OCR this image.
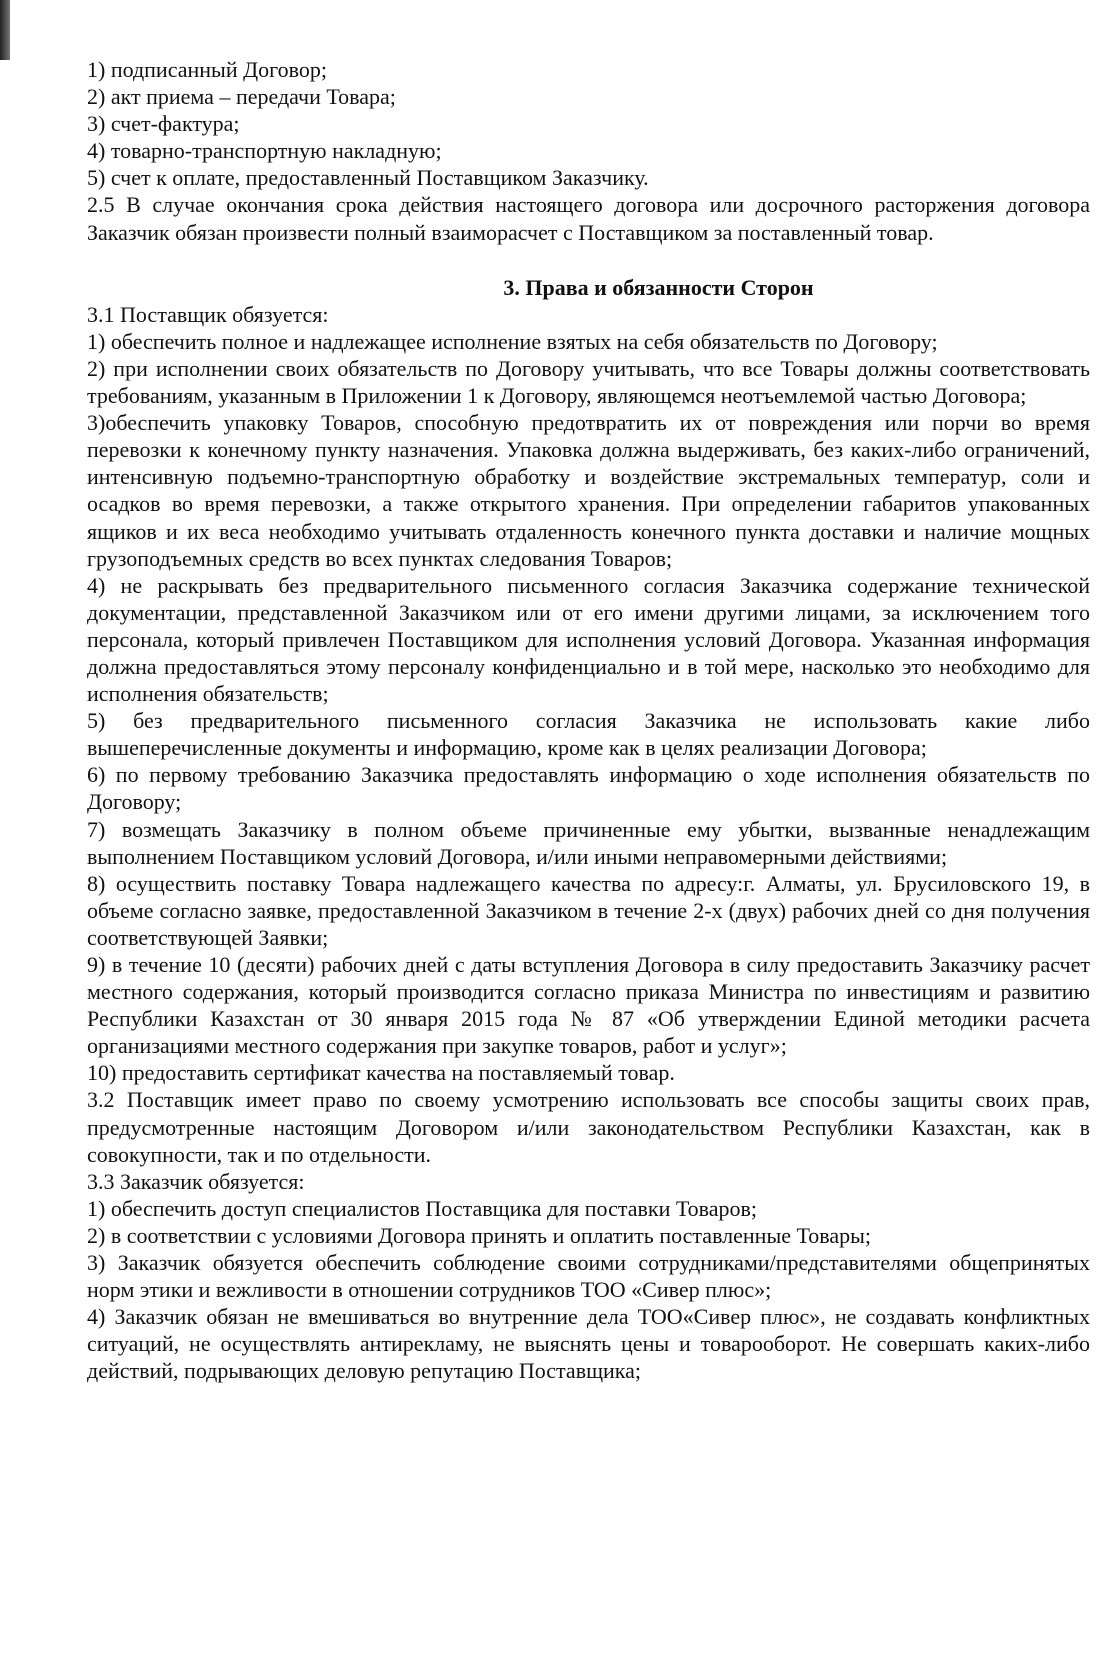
1) подписанный Договор;

2) акт приема – передачи Товара;

3) счет-фактура;

4) товарно-транспортную накладную;

5) счет к оплате, предоставленный Поставщиком Заказчику.

2.5 В случае окончания срока действия настоящего договора или досрочного расторжения договора Заказчик обязан произвести полный взаиморасчет с Поставщиком за поставленный товар.

3. Права и обязанности Сторон

3.1 Поставщик обязуется:

1) обеспечить полное и надлежащее исполнение взятых на себя обязательств по Договору;

2) при исполнении своих обязательств по Договору учитывать, что все Товары должны соответствовать требованиям, указанным в Приложении 1 к Договору, являющемся неотъемлемой частью Договора;

3)обеспечить упаковку Товаров, способную предотвратить их от повреждения или порчи во время перевозки к конечному пункту назначения. Упаковка должна выдерживать, без каких-либо ограничений, интенсивную подъемно-транспортную обработку и воздействие экстремальных температур, соли и осадков во время перевозки, а также открытого хранения. При определении габаритов упакованных ящиков и их веса необходимо учитывать отдаленность конечного пункта доставки и наличие мощных грузоподъемных средств во всех пунктах следования Товаров;

4) не раскрывать без предварительного письменного согласия Заказчика содержание технической документации, представленной Заказчиком или от его имени другими лицами, за исключением того персонала, который привлечен Поставщиком для исполнения условий Договора. Указанная информация должна предоставляться этому персоналу конфиденциально и в той мере, насколько это необходимо для исполнения обязательств;

5) без предварительного письменного согласия Заказчика не использовать какие либо вышеперечисленные документы и информацию, кроме как в целях реализации Договора;

6) по первому требованию Заказчика предоставлять информацию о ходе исполнения обязательств по Договору;

7) возмещать Заказчику в полном объеме причиненные ему убытки, вызванные ненадлежащим выполнением Поставщиком условий Договора, и/или иными неправомерными действиями;

8) осуществить поставку Товара надлежащего качества по адресу:г. Алматы, ул. Брусиловского 19, в объеме согласно заявке, предоставленной Заказчиком в течение 2-х (двух) рабочих дней со дня получения соответствующей Заявки;

9) в течение 10 (десяти) рабочих дней с даты вступления Договора в силу предоставить Заказчику расчет местного содержания, который производится согласно приказа Министра по инвестициям и развитию Республики Казахстан от 30 января 2015 года № 87 «Об утверждении Единой методики расчета организациями местного содержания при закупке товаров, работ и услуг»;

10) предоставить сертификат качества на поставляемый товар.

3.2 Поставщик имеет право по своему усмотрению использовать все способы защиты своих прав, предусмотренные настоящим Договором и/или законодательством Республики Казахстан, как в совокупности, так и по отдельности.

3.3 Заказчик обязуется:

1) обеспечить доступ специалистов Поставщика для поставки Товаров;

2) в соответствии с условиями Договора принять и оплатить поставленные Товары;

3) Заказчик обязуется обеспечить соблюдение своими сотрудниками/представителями общепринятых норм этики и вежливости в отношении сотрудников ТОО «Сивер плюс»;

4) Заказчик обязан не вмешиваться во внутренние дела ТОО«Сивер плюс», не создавать конфликтных ситуаций, не осуществлять антирекламу, не выяснять цены и товарооборот. Не совершать каких-либо действий, подрывающих деловую репутацию Поставщика;
